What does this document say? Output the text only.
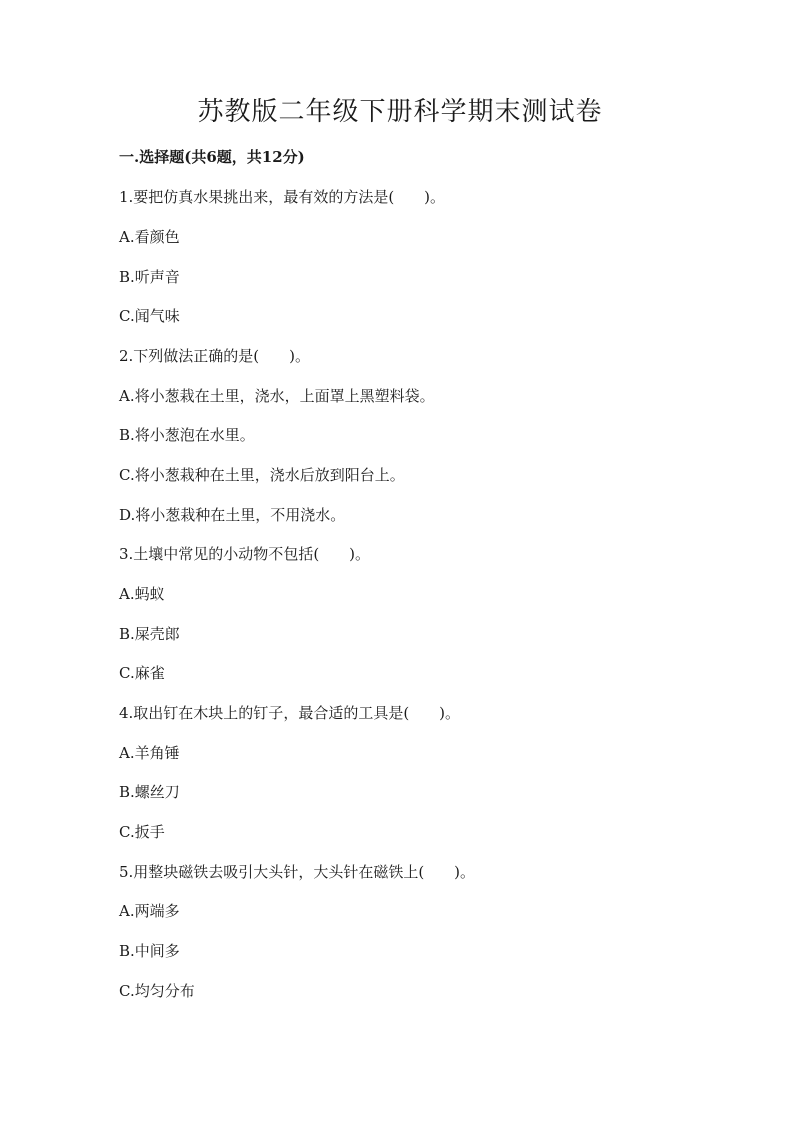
苏教版二年级下册科学期末测试卷
一.选择题(共6题，共12分)
1.要把仿真水果挑出来，最有效的方法是(　　)。
A.看颜色
B.听声音
C.闻气味
2.下列做法正确的是(　　)。
A.将小葱栽在土里，浇水，上面罩上黑塑料袋。
B.将小葱泡在水里。
C.将小葱栽种在土里，浇水后放到阳台上。
D.将小葱栽种在土里，不用浇水。
3.土壤中常见的小动物不包括(　　)。
A.蚂蚁
B.屎壳郎
C.麻雀
4.取出钉在木块上的钉子，最合适的工具是(　　)。
A.羊角锤
B.螺丝刀
C.扳手
5.用整块磁铁去吸引大头针，大头针在磁铁上(　　)。
A.两端多
B.中间多
C.均匀分布
